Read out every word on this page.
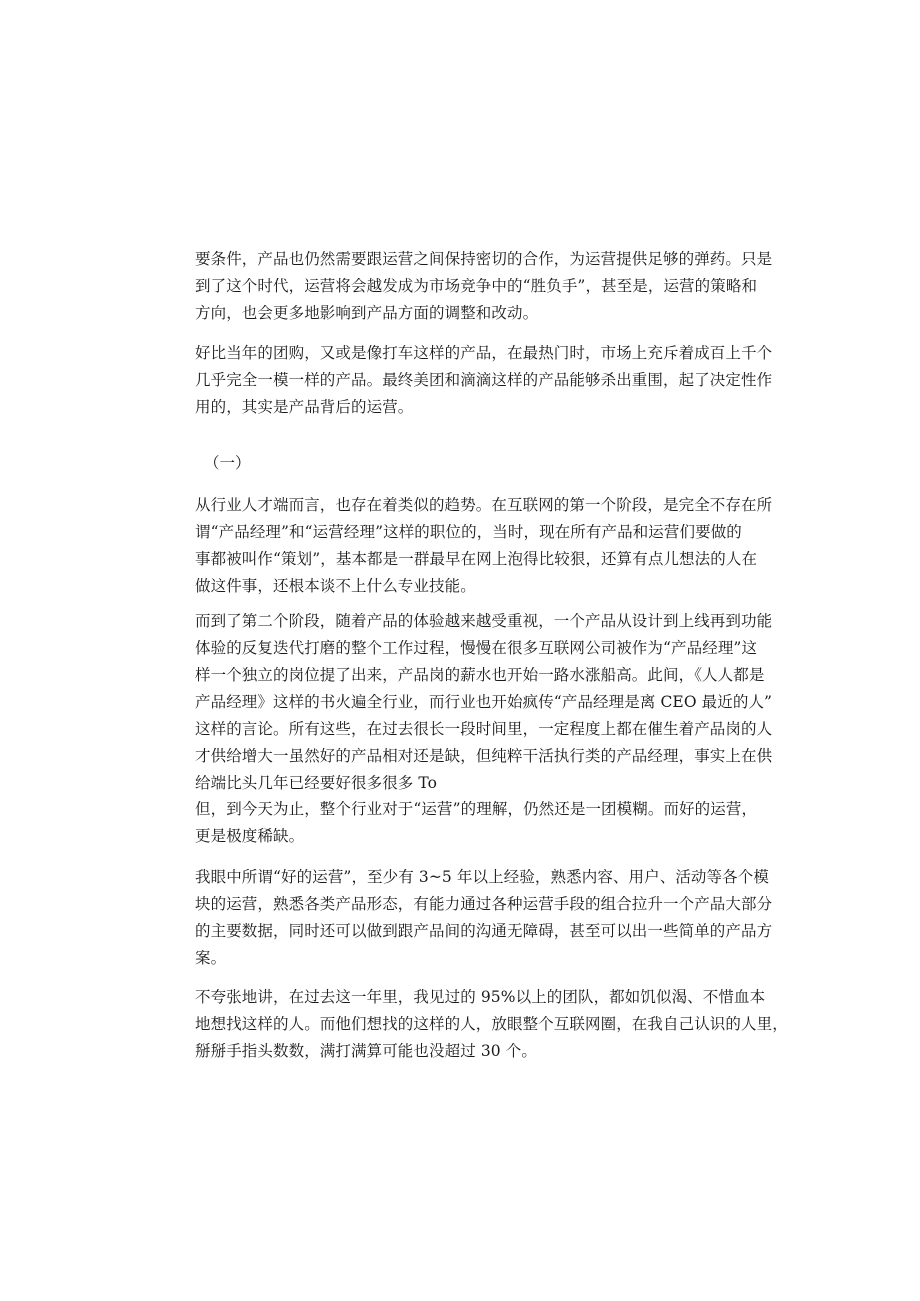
要条件，产品也仍然需要跟运营之间保持密切的合作，为运营提供足够的弹药。只是
到了这个时代，运营将会越发成为市场竞争中的“胜负手”，甚至是，运营的策略和
方向，也会更多地影响到产品方面的调整和改动。

好比当年的团购，又或是像打车这样的产品，在最热门时，市场上充斥着成百上千个
几乎完全一模一样的产品。最终美团和滴滴这样的产品能够杀出重围，起了决定性作
用的，其实是产品背后的运营。

（一）

从行业人才端而言，也存在着类似的趋势。在互联网的第一个阶段，是完全不存在所
谓“产品经理”和“运营经理”这样的职位的，当时，现在所有产品和运营们要做的
事都被叫作“策划”，基本都是一群最早在网上泡得比较狠，还算有点儿想法的人在
做这件事，还根本谈不上什么专业技能。

而到了第二个阶段，随着产品的体验越来越受重视，一个产品从设计到上线再到功能
体验的反复迭代打磨的整个工作过程，慢慢在很多互联网公司被作为“产品经理”这
样一个独立的岗位提了出来，产品岗的薪水也开始一路水涨船高。此间，《人人都是
产品经理》这样的书火遍全行业，而行业也开始疯传“产品经理是离 CEO 最近的人”
这样的言论。所有这些，在过去很长一段时间里，一定程度上都在催生着产品岗的人
才供给增大一虽然好的产品相对还是缺，但纯粹干活执行类的产品经理，事实上在供
给端比头几年已经要好很多很多 To

但，到今天为止，整个行业对于“运营”的理解，仍然还是一团模糊。而好的运营，
更是极度稀缺。

我眼中所谓“好的运营”，至少有 3~5 年以上经验，熟悉内容、用户、活动等各个模
块的运营，熟悉各类产品形态，有能力通过各种运营手段的组合拉升一个产品大部分
的主要数据，同时还可以做到跟产品间的沟通无障碍，甚至可以出一些简单的产品方
案。

不夸张地讲，在过去这一年里，我见过的 95%以上的团队，都如饥似渴、不惜血本
地想找这样的人。而他们想找的这样的人，放眼整个互联网圈，在我自己认识的人里，
掰掰手指头数数，满打满算可能也没超过 30 个。
